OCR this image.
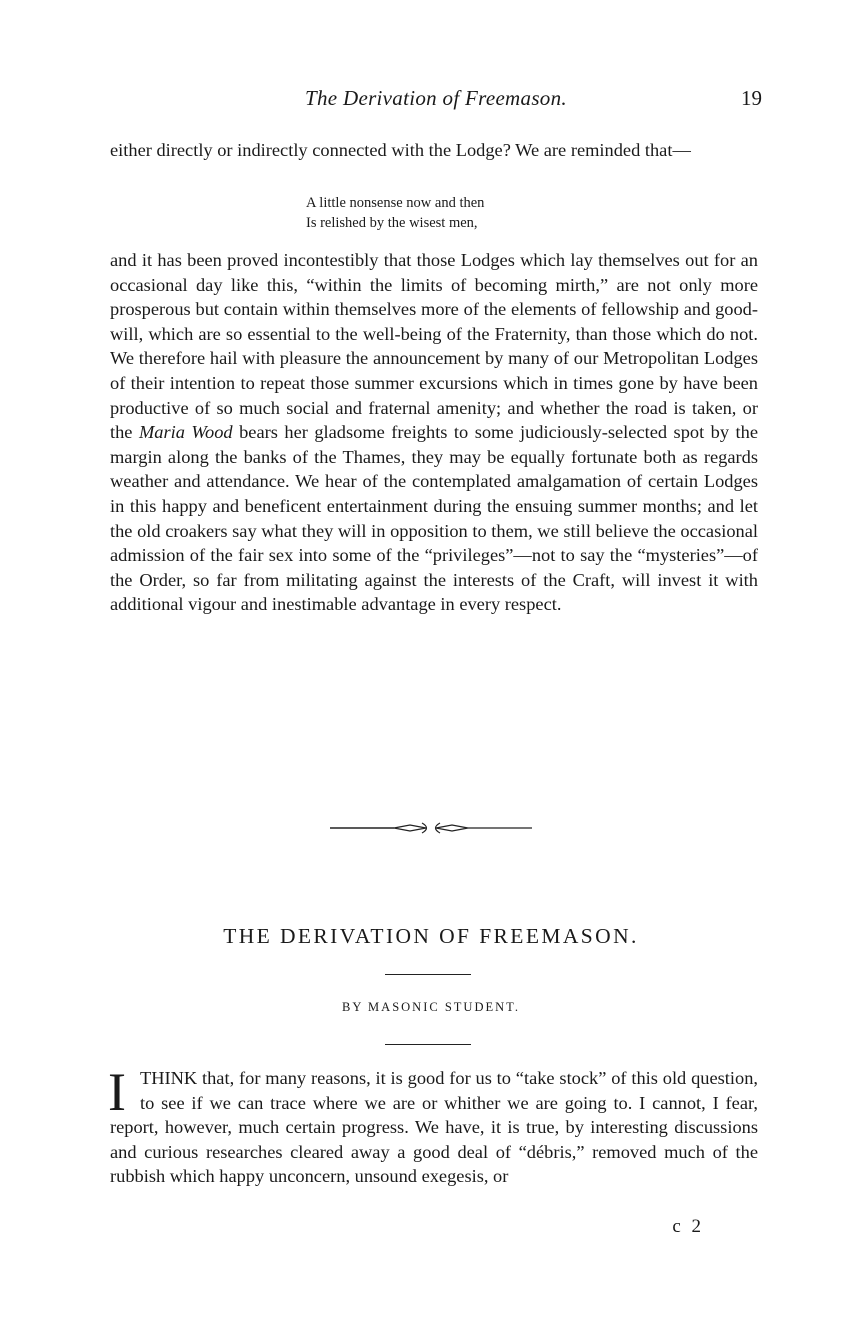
The Derivation of Freemason.	19

either directly or indirectly connected with the Lodge? We are reminded that—

A little nonsense now and then
Is relished by the wisest men,

and it has been proved incontestibly that those Lodges which lay themselves out for an occasional day like this, “within the limits of becoming mirth,” are not only more prosperous but contain within themselves more of the elements of fellowship and good-will, which are so essential to the well-being of the Fraternity, than those which do not. We therefore hail with pleasure the announcement by many of our Metropolitan Lodges of their intention to repeat those summer excursions which in times gone by have been productive of so much social and fraternal amenity; and whether the road is taken, or the Maria Wood bears her gladsome freights to some judiciously-selected spot by the margin along the banks of the Thames, they may be equally fortunate both as regards weather and attendance. We hear of the contemplated amalgamation of certain Lodges in this happy and beneficent entertainment during the ensuing summer months; and let the old croakers say what they will in opposition to them, we still believe the occasional admission of the fair sex into some of the “privileges”—not to say the “mysteries”—of the Order, so far from militating against the interests of the Craft, will invest it with additional vigour and inestimable advantage in every respect.

THE DERIVATION OF FREEMASON.
BY MASONIC STUDENT.

ITHINK that, for many reasons, it is good for us to “take stock” of this old question, to see if we can trace where we are or whither we are going to. I cannot, I fear, report, however, much certain progress. We have, it is true, by interesting discussions and curious researches cleared away a good deal of “débris,” removed much of the rubbish which happy unconcern, unsound exegesis, or

c 2
